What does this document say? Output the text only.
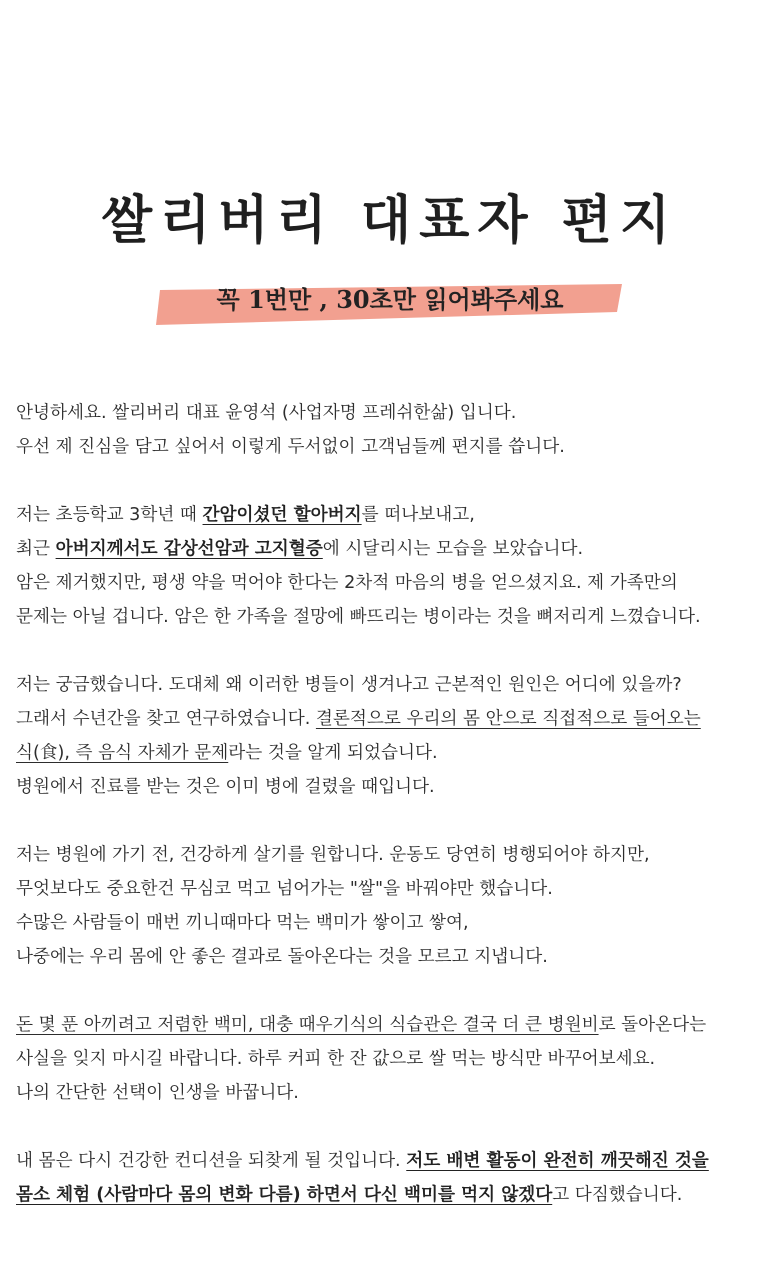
쌀리버리 대표자 편지
꼭 1번만 , 30초만 읽어봐주세요
안녕하세요. 쌀리버리 대표 윤영석 (사업자명 프레쉬한삶) 입니다.
우선 제 진심을 담고 싶어서 이렇게 두서없이 고객님들께 편지를 씁니다.
저는 초등학교 3학년 때 간암이셨던 할아버지를 떠나보내고,
최근 아버지께서도 갑상선암과 고지혈증에 시달리시는 모습을 보았습니다.
암은 제거했지만, 평생 약을 먹어야 한다는 2차적 마음의 병을 얻으셨지요. 제 가족만의
문제는 아닐 겁니다. 암은 한 가족을 절망에 빠뜨리는 병이라는 것을 뼈저리게 느꼈습니다.
저는 궁금했습니다. 도대체 왜 이러한 병들이 생겨나고 근본적인 원인은 어디에 있을까?
그래서 수년간을 찾고 연구하였습니다. 결론적으로 우리의 몸 안으로 직접적으로 들어오는
식(食), 즉 음식 자체가 문제라는 것을 알게 되었습니다.
병원에서 진료를 받는 것은 이미 병에 걸렸을 때입니다.
저는 병원에 가기 전, 건강하게 살기를 원합니다. 운동도 당연히 병행되어야 하지만,
무엇보다도 중요한건 무심코 먹고 넘어가는 "쌀"을 바꿔야만 했습니다.
수많은 사람들이 매번 끼니때마다 먹는 백미가 쌓이고 쌓여,
나중에는 우리 몸에 안 좋은 결과로 돌아온다는 것을 모르고 지냅니다.
돈 몇 푼 아끼려고 저렴한 백미, 대충 때우기식의 식습관은 결국 더 큰 병원비로 돌아온다는
사실을 잊지 마시길 바랍니다. 하루 커피 한 잔 값으로 쌀 먹는 방식만 바꾸어보세요.
나의 간단한 선택이 인생을 바꿉니다.
내 몸은 다시 건강한 컨디션을 되찾게 될 것입니다. 저도 배변 활동이 완전히 깨끗해진 것을
몸소 체험 (사람마다 몸의 변화 다름) 하면서 다신 백미를 먹지 않겠다고 다짐했습니다.
